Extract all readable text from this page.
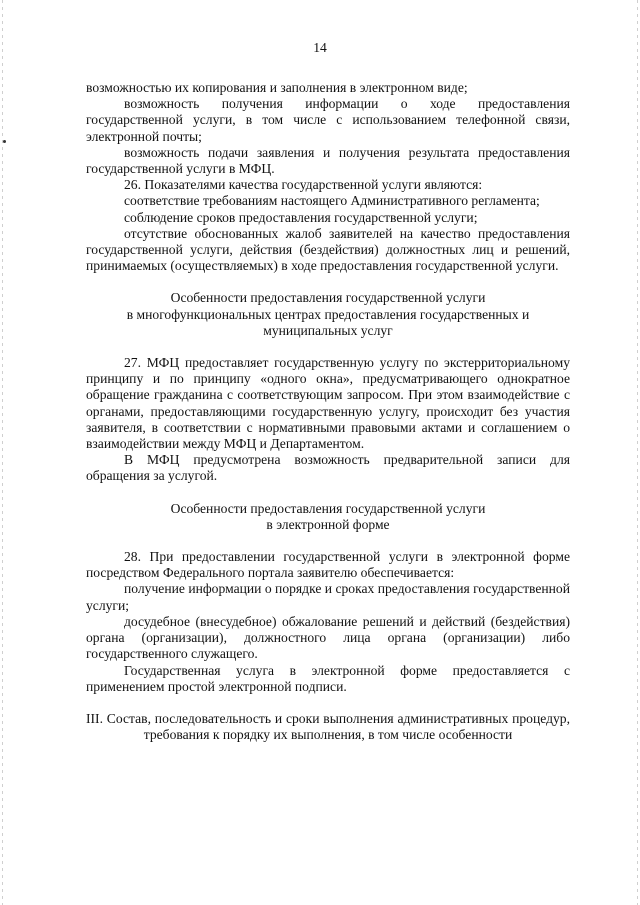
14

возможностью их копирования и заполнения в электронном виде;

возможность получения информации о ходе предоставления государственной услуги, в том числе с использованием телефонной связи, электронной почты;

возможность подачи заявления и получения результата предоставления государственной услуги в МФЦ.

26. Показателями качества государственной услуги являются:

соответствие требованиям настоящего Административного регламента;

соблюдение сроков предоставления государственной услуги;

отсутствие обоснованных жалоб заявителей на качество предоставления государственной услуги, действия (бездействия) должностных лиц и решений, принимаемых (осуществляемых) в ходе предоставления государственной услуги.

Особенности предоставления государственной услуги

в многофункциональных центрах предоставления государственных и

муниципальных услуг

27. МФЦ предоставляет государственную услугу по экстерриториальному принципу и по принципу «одного окна», предусматривающего однократное обращение гражданина с соответствующим запросом. При этом взаимодействие с органами, предоставляющими государственную услугу, происходит без участия заявителя, в соответствии с нормативными правовыми актами и соглашением о взаимодействии между МФЦ и Департаментом.

В МФЦ предусмотрена возможность предварительной записи для обращения за услугой.

Особенности предоставления государственной услуги

в электронной форме

28. При предоставлении государственной услуги в электронной форме посредством Федерального портала заявителю обеспечивается:

получение информации о порядке и сроках предоставления государственной услуги;

досудебное (внесудебное) обжалование решений и действий (бездействия) органа (организации), должностного лица органа (организации) либо государственного служащего.

Государственная услуга в электронной форме предоставляется с применением простой электронной подписи.

III. Состав, последовательность и сроки выполнения административных процедур, требования к порядку их выполнения, в том числе особенности
